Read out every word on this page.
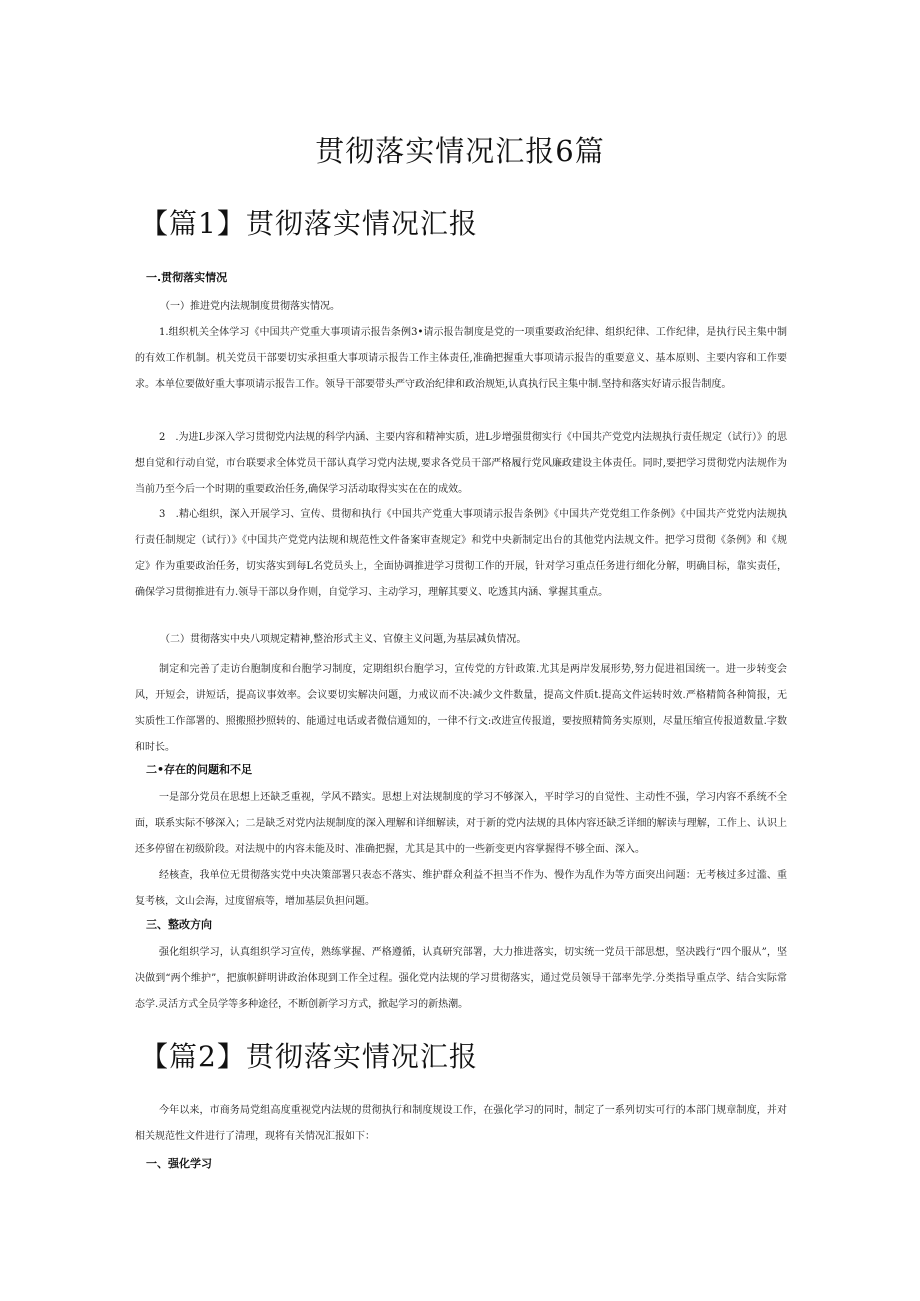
贯彻落实情况汇报6篇
【篇1】贯彻落实情况汇报
一.贯彻落实情况

（一）推进党内法规制度贯彻落实情况。

1.组织机关全体学习《中国共产党重大事项请示报告条例3•请示报告制度是党的一项重要政治纪律、组织纪律、工作纪律，是执行民主集中制的有效工作机制。机关党员干部要切实承担重大事项请示报告工作主体责任,准确把握重大事项请示报告的重要意义、基本原则、主要内容和工作要求。本单位要做好重大事项请示报告工作。领导干部要带头严守政治纪律和政治规矩,认真执行民主集中制.坚持和落实好请示报告制度。

2　.为进L步深入学习贯彻党内法规的科学内涵、主要内容和精神实质，进L步增强贯彻实行《中国共产党党内法规执行责任规定（试行）》的思想自觉和行动自觉，市台联要求全体党员干部认真学习党内法规,要求各党员干部严格履行党风廉政建设主体责任。同时,要把学习贯彻党内法规作为当前乃至今后一个时期的重要政治任务,确保学习活动取得实实在在的成效。

3　.精心组织，深入开展学习、宣传、贯彻和执行《中国共产党重大事项请示报告条例》《中国共产党党组工作条例》《中国共产党党内法规执行责任制规定（试行）》《中国共产党党内法规和规范性文件备案审查规定》和党中央新制定出台的其他党内法规文件。把学习贯彻《条例》和《规定》作为重要政治任务，切实落实到每L名党员头上，全面协调推进学习贯彻工作的开展，针对学习重点任务进行细化分解，明确目标，靠实责任，确保学习贯彻推进有力.领导干部以身作则，自觉学习、主动学习，理解其要义、吃透其内涵、掌握其重点。

（二）贯彻落实中央八项规定精神,整治形式主义、官僚主义问题,为基层减负情况。

制定和完善了走访台胞制度和台胞学习制度，定期组织台胞学习，宣传党的方针政策.尤其是两岸发展形势,努力促进祖国统一。进一步转变会风，开短会，讲短话，提高议事效率。会议要切实解决问题，力戒议而不决:减少文件数量，提高文件质t.提高文件运转时效.严格精简各种简报，无实质性工作部署的、照搬照抄照转的、能通过电话或者微信通知的，一律不行文:改进宣传报道，要按照精简务实原则，尽量压缩宣传报道数量.字数和时长。

二•存在的问题和不足

一是部分党员在思想上还缺乏重视，学风不踏实。思想上对法规制度的学习不够深入，平时学习的自觉性、主动性不强，学习内容不系统不全面，联系实际不够深入；二是缺乏对党内法规制度的深入理解和详细解读，对于新的党内法规的具体内容还缺乏详细的解读与理解，工作上、认识上还多停留在初级阶段。对法规中的内容未能及时、准确把握，尤其是其中的一些新变更内容掌握得不够全面、深入。

经核查，我单位无贯彻落实党中央决策部署只表态不落实、维护群众利益不担当不作为、慢作为乱作为等方面突出问题：无考核过多过滥、重复考核，文山会海，过度留痕等，增加基层负担问题。

三、整改方向

强化组织学习，认真组织学习宣传，熟练掌握、严格遵循，认真研究部署，大力推进落实，切实统一党员干部思想，坚决践行“四个服从”，坚决做到“两个维护”，把旗帜鲜明讲政治体现到工作全过程。强化党内法规的学习贯彻落实，通过党员领导干部率先学.分类指导重点学、结合实际常态学.灵活方式全员学等多种途径，不断创新学习方式，掀起学习的新热潮。

【篇2】贯彻落实情况汇报

今年以来，市商务局党组高度重视党内法规的贯彻执行和制度规设工作，在强化学习的同时，制定了一系列切实可行的本部门规章制度，并对相关规范性文件进行了清理，现将有关情况汇报如下：

一、强化学习
